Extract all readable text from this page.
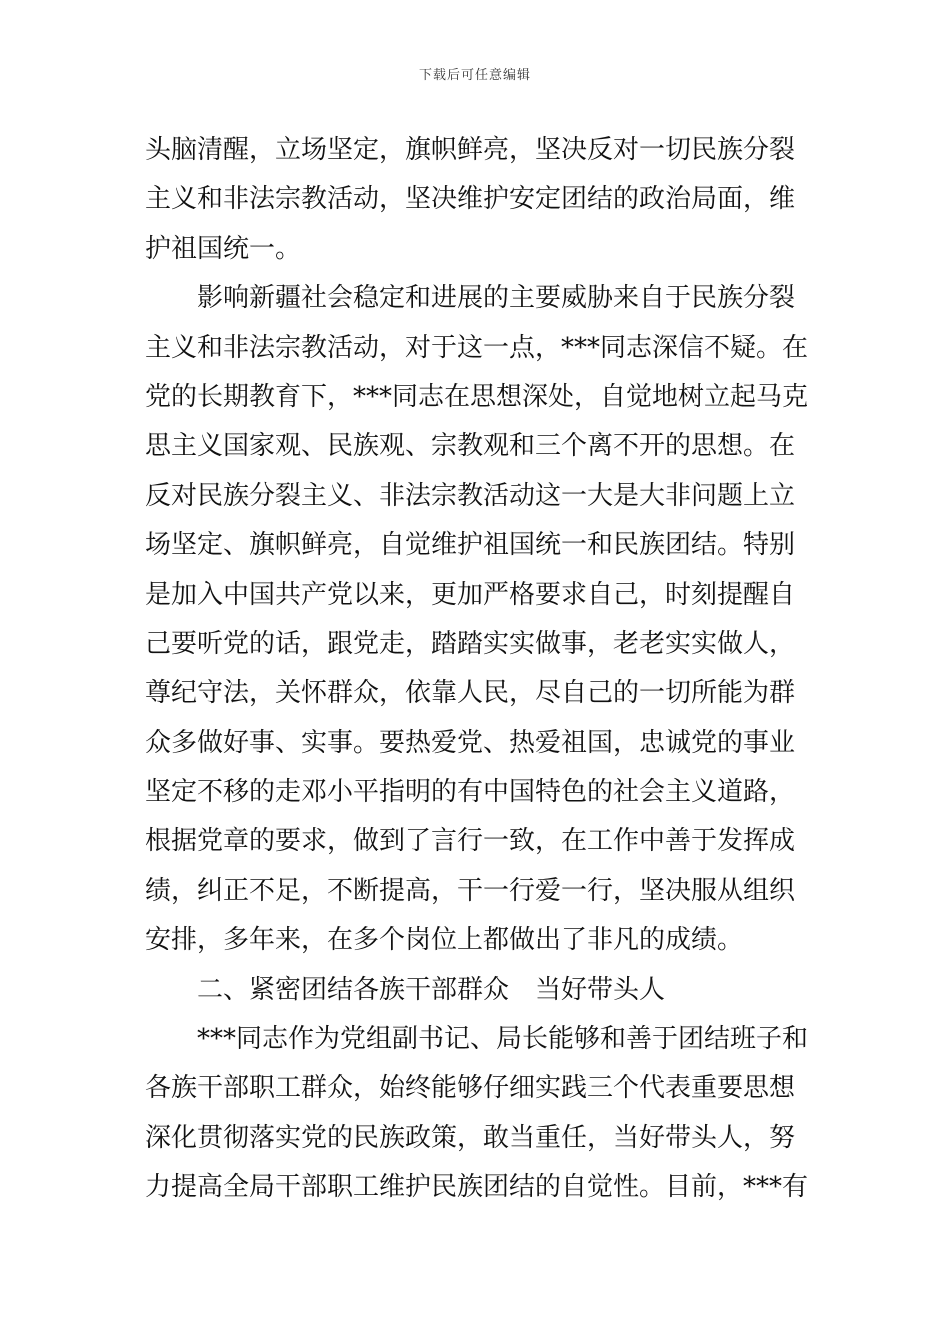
下载后可任意编辑
头脑清醒，立场坚定，旗帜鲜亮，坚决反对一切民族分裂
主义和非法宗教活动，坚决维护安定团结的政治局面，维
护祖国统一。
影响新疆社会稳定和进展的主要威胁来自于民族分裂
主义和非法宗教活动，对于这一点，***同志深信不疑。在
党的长期教育下，***同志在思想深处，自觉地树立起马克
思主义国家观、民族观、宗教观和三个离不开的思想。在
反对民族分裂主义、非法宗教活动这一大是大非问题上立
场坚定、旗帜鲜亮，自觉维护祖国统一和民族团结。特别
是加入中国共产党以来，更加严格要求自己，时刻提醒自
己要听党的话，跟党走，踏踏实实做事，老老实实做人，
尊纪守法，关怀群众，依靠人民，尽自己的一切所能为群
众多做好事、实事。要热爱党、热爱祖国，忠诚党的事业
坚定不移的走邓小平指明的有中国特色的社会主义道路，
根据党章的要求，做到了言行一致，在工作中善于发挥成
绩，纠正不足，不断提高，干一行爱一行，坚决服从组织
安排，多年来，在多个岗位上都做出了非凡的成绩。
二、紧密团结各族干部群众　当好带头人
***同志作为党组副书记、局长能够和善于团结班子和
各族干部职工群众，始终能够仔细实践三个代表重要思想
深化贯彻落实党的民族政策，敢当重任，当好带头人，努
力提高全局干部职工维护民族团结的自觉性。目前，***有
